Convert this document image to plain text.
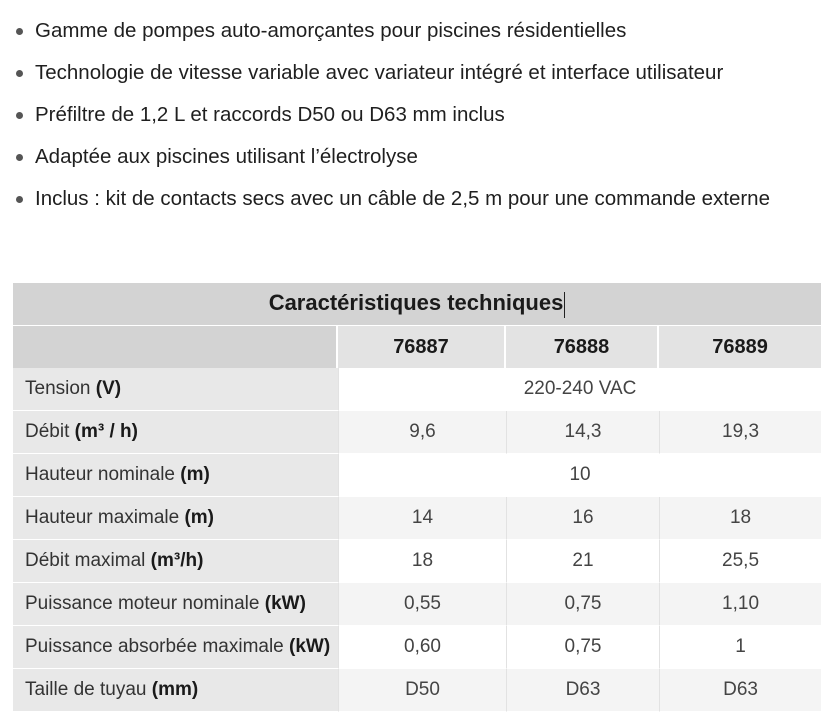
Gamme de pompes auto-amorçantes pour piscines résidentielles
Technologie de vitesse variable avec variateur intégré et interface utilisateur
Préfiltre de 1,2 L et raccords D50 ou D63 mm inclus
Adaptée aux piscines utilisant l’électrolyse
Inclus : kit de contacts secs avec un câble de 2,5 m pour une commande externe
Caractéristiques techniques			
	76887	76888	76889
Tension (V)	220-240 VAC		
Débit (m³ / h)	9,6	14,3	19,3
Hauteur nominale (m)	10		
Hauteur maximale (m)	14	16	18
Débit maximal (m³/h)	18	21	25,5
Puissance moteur nominale (kW)	0,55	0,75	1,10
Puissance absorbée maximale (kW)	0,60	0,75	1
Taille de tuyau (mm)	D50	D63	D63
